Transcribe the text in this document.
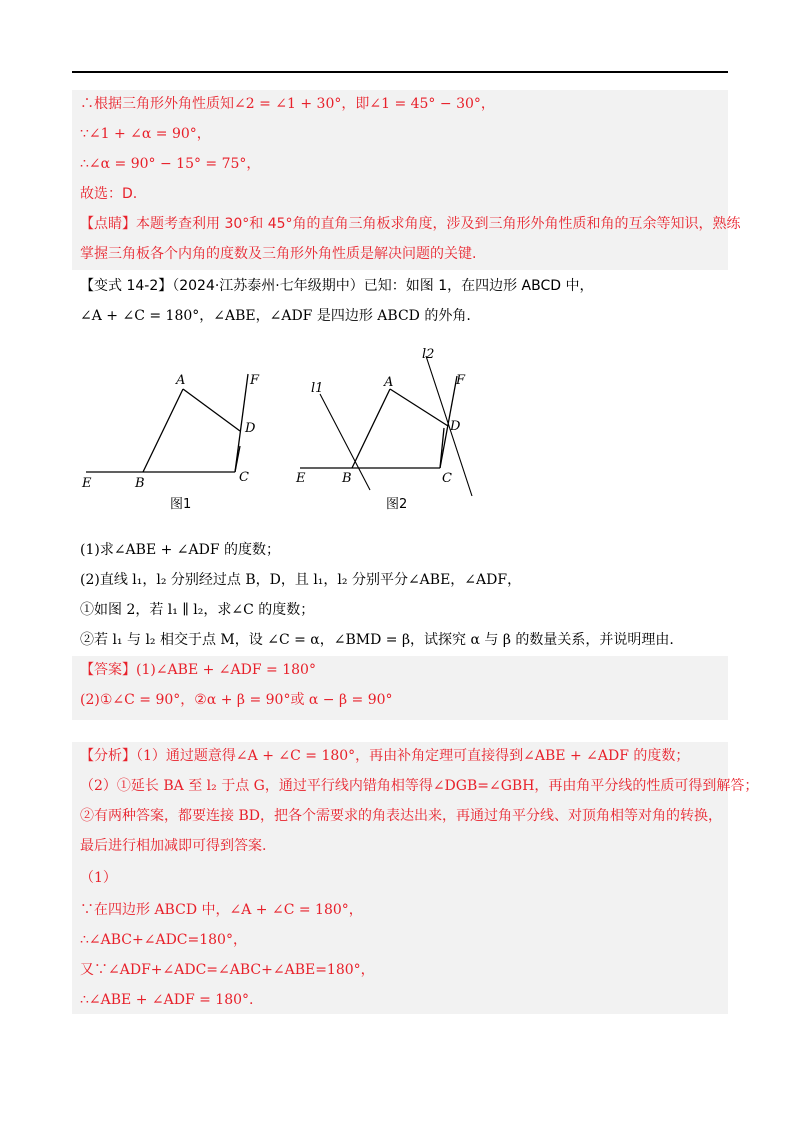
∴根据三角形外角性质知∠2 = ∠1 + 30°，即∠1 = 45° − 30°，
∵∠1 + ∠α = 90°，
∴∠α = 90° − 15° = 75°，
故选：D.
【点睛】本题考查利用 30°和 45°角的直角三角板求角度，涉及到三角形外角性质和角的互余等知识，熟练
掌握三角板各个内角的度数及三角形外角性质是解决问题的关键.
【变式 14-2】（2024·江苏泰州·七年级期中）已知：如图 1，在四边形 ABCD 中，
∠A + ∠C = 180°，∠ABE，∠ADF 是四边形 ABCD 的外角.
E	B
A
C
D
F
图1
E	B
A
C
D
F
l1
l2
图2
(1)求∠ABE + ∠ADF 的度数；
(2)直线 l₁，l₂ 分别经过点 B，D，且 l₁，l₂ 分别平分∠ABE，∠ADF，
①如图 2，若 l₁ ∥ l₂，求∠C 的度数；
②若 l₁ 与 l₂ 相交于点 M，设 ∠C = α，∠BMD = β，试探究 α 与 β 的数量关系，并说明理由.
【答案】(1)∠ABE + ∠ADF = 180°
(2)①∠C = 90°，②α + β = 90°或 α − β = 90°
【分析】（1）通过题意得∠A + ∠C = 180°，再由补角定理可直接得到∠ABE + ∠ADF 的度数；
（2）①延长 BA 至 l₂ 于点 G，通过平行线内错角相等得∠DGB=∠GBH，再由角平分线的性质可得到解答；
②有两种答案，都要连接 BD，把各个需要求的角表达出来，再通过角平分线、对顶角相等对角的转换，
最后进行相加减即可得到答案.
（1）
∵在四边形 ABCD 中，∠A + ∠C = 180°，
∴∠ABC+∠ADC=180°，
又∵∠ADF+∠ADC=∠ABC+∠ABE=180°，
∴∠ABE + ∠ADF = 180°.
